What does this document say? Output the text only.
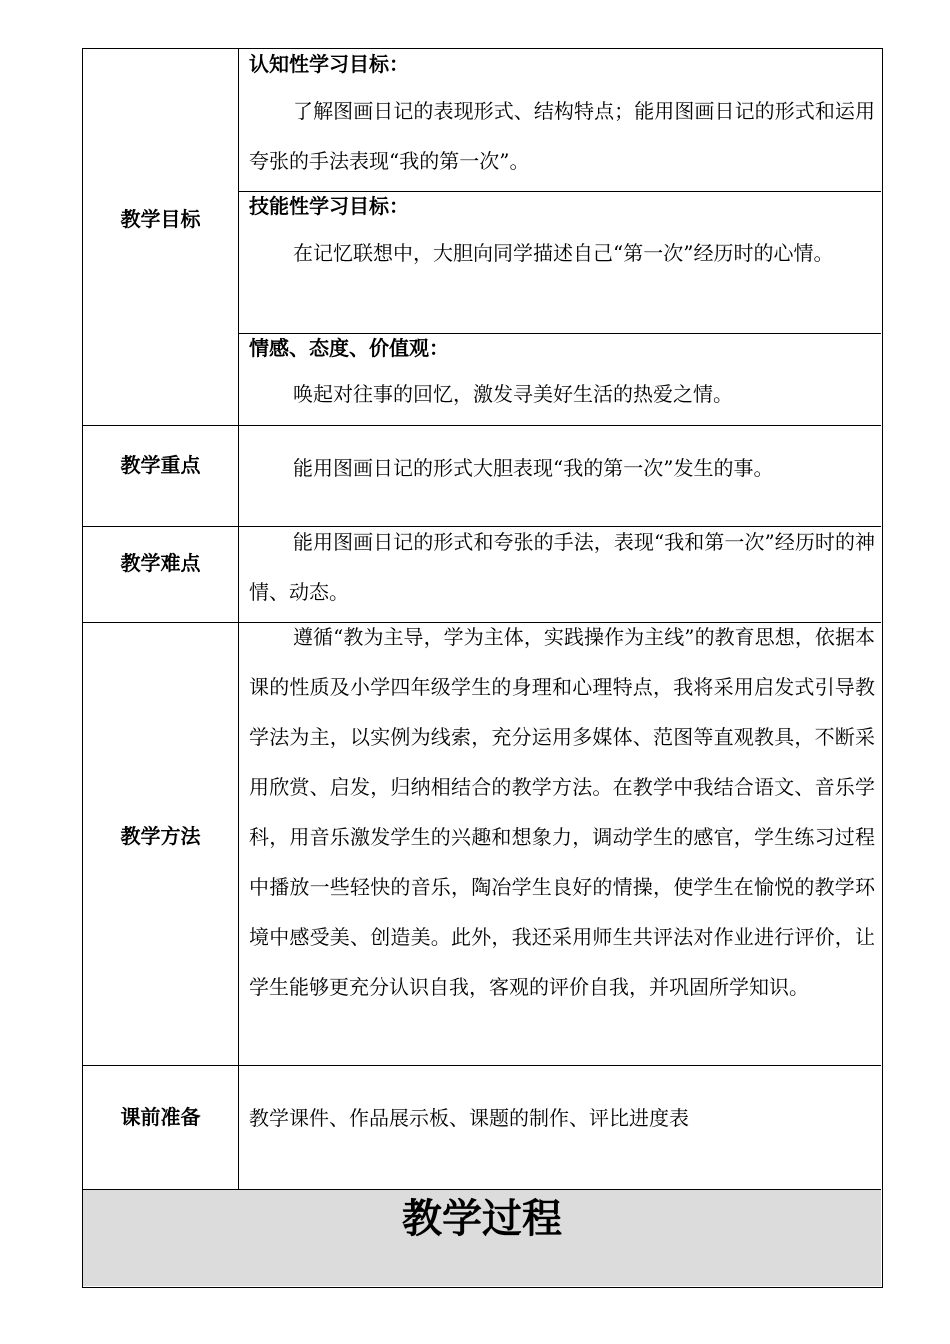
教学目标
认知性学习目标：
了解图画日记的表现形式、结构特点；能用图画日记的形式和运用夸张的手法表现“我的第一次”。
技能性学习目标：
在记忆联想中，大胆向同学描述自己“第一次”经历时的心情。
情感、态度、价值观：
唤起对往事的回忆，激发寻美好生活的热爱之情。
教学重点	能用图画日记的形式大胆表现“我的第一次”发生的事。
教学难点
能用图画日记的形式和夸张的手法，表现“我和第一次”经历时的神情、动态。
教学方法
遵循“教为主导，学为主体，实践操作为主线”的教育思想，依据本课的性质及小学四年级学生的身理和心理特点，我将采用启发式引导教学法为主，以实例为线索，充分运用多媒体、范图等直观教具，不断采用欣赏、启发，归纳相结合的教学方法。在教学中我结合语文、音乐学科，用音乐激发学生的兴趣和想象力，调动学生的感官，学生练习过程中播放一些轻快的音乐，陶冶学生良好的情操，使学生在愉悦的教学环境中感受美、创造美。此外，我还采用师生共评法对作业进行评价，让学生能够更充分认识自我，客观的评价自我，并巩固所学知识。
课前准备	教学课件、作品展示板、课题的制作、评比进度表
教学过程
